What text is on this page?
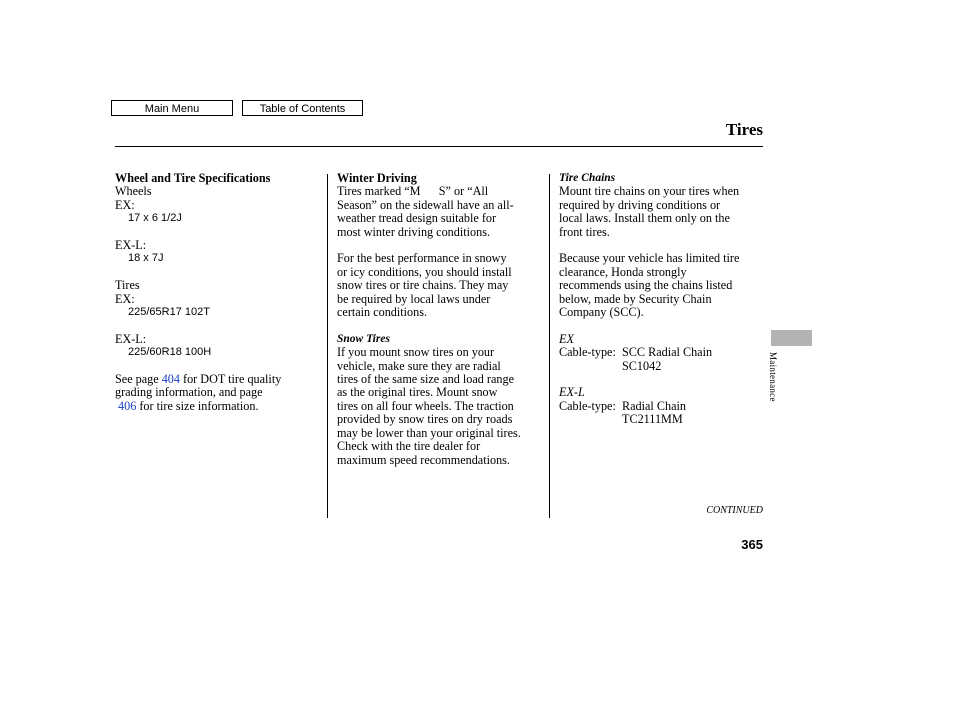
Main Menu	Table of Contents
Tires
Wheel and Tire Specifications
Wheels
EX:
17 x 6 1/2J
EX-L:
18 x 7J
Tires
EX:
225/65R17 102T
EX-L:
225/60R18 100H
See page 404 for DOT tire quality
grading information, and page
406 for tire size information.
Winter Driving
Tires marked “M      S” or “All
Season” on the sidewall have an all-
weather tread design suitable for
most winter driving conditions.
For the best performance in snowy
or icy conditions, you should install
snow tires or tire chains. They may
be required by local laws under
certain conditions.
Snow Tires
If you mount snow tires on your
vehicle, make sure they are radial
tires of the same size and load range
as the original tires. Mount snow
tires on all four wheels. The traction
provided by snow tires on dry roads
may be lower than your original tires.
Check with the tire dealer for
maximum speed recommendations.
Tire Chains
Mount tire chains on your tires when
required by driving conditions or
local laws. Install them only on the
front tires.
Because your vehicle has limited tire
clearance, Honda strongly
recommends using the chains listed
below, made by Security Chain
Company (SCC).
EX
Cable-type: SCC Radial Chain
SC1042
EX-L
Cable-type: Radial Chain
TC2111MM
Maintenance
CONTINUED
365
